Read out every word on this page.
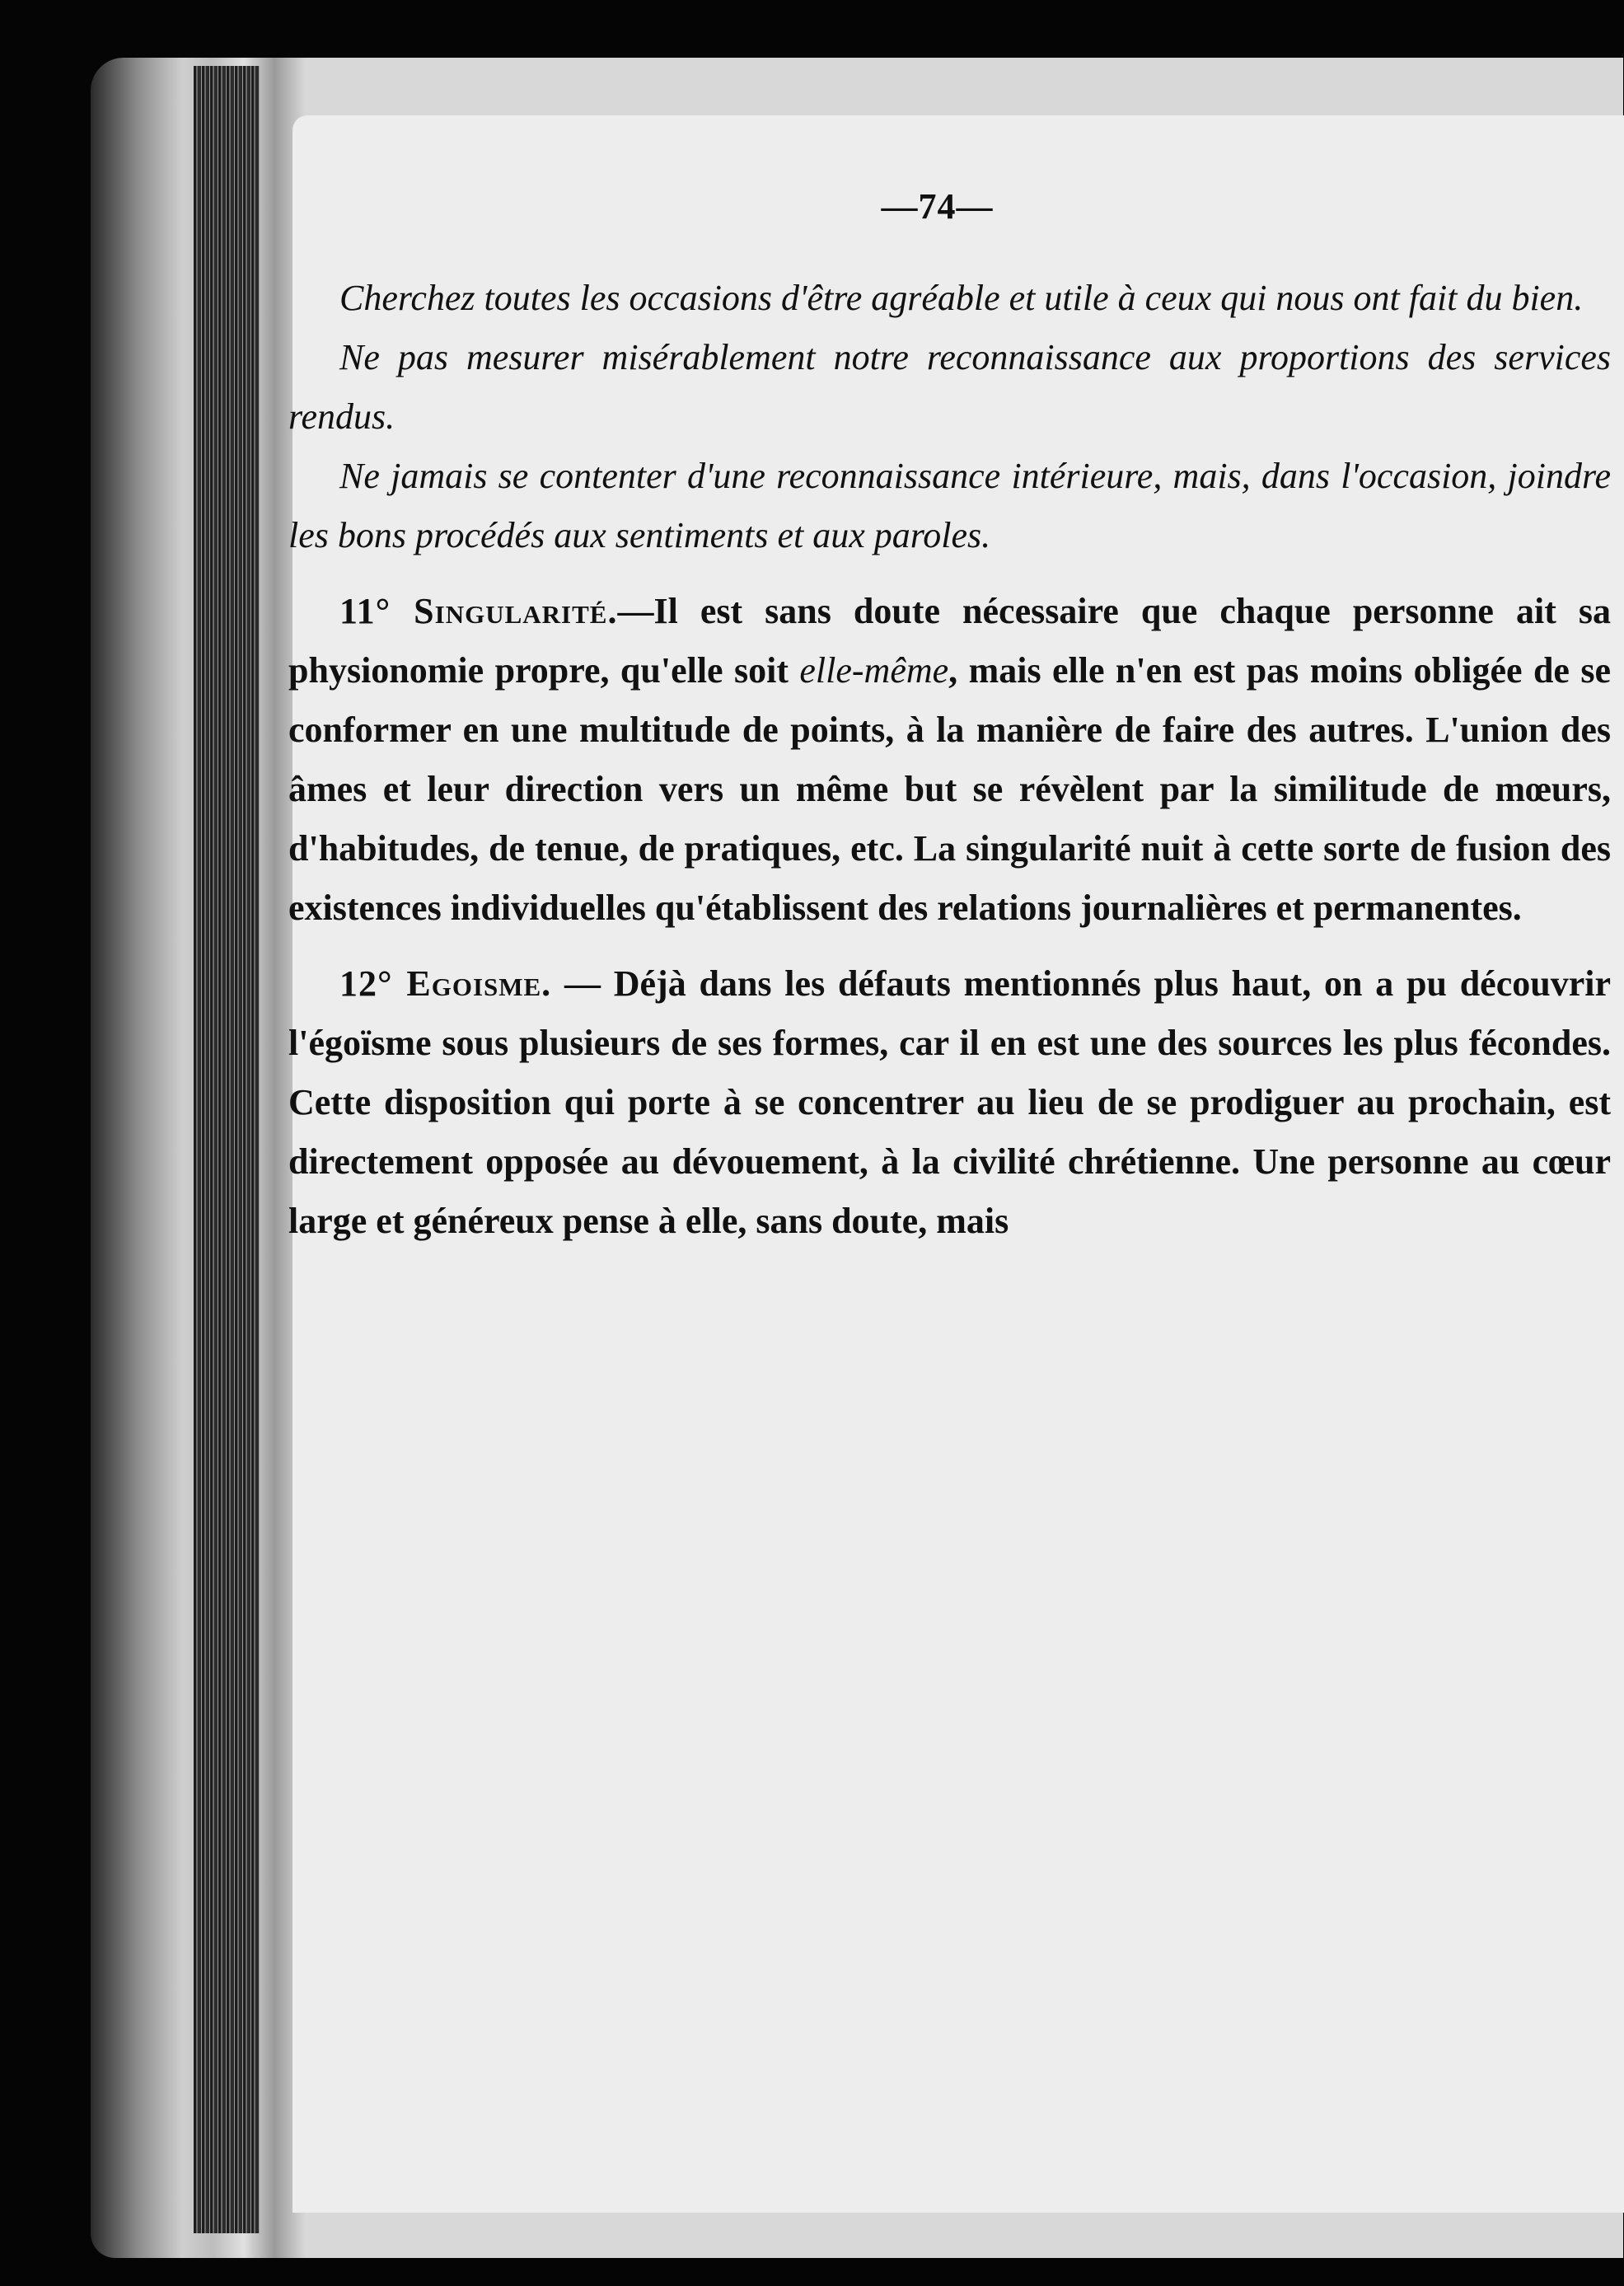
—74—

Cherchez toutes les occasions d'être agréable et utile à ceux qui nous ont fait du bien.

Ne pas mesurer misérablement notre reconnaissance aux proportions des services rendus.

Ne jamais se contenter d'une reconnaissance intérieure, mais, dans l'occasion, joindre les bons procédés aux sentiments et aux paroles.

11° Singularité.—Il est sans doute nécessaire que chaque personne ait sa physionomie propre, qu'elle soit elle-même, mais elle n'en est pas moins obligée de se conformer en une multitude de points, à la manière de faire des autres. L'union des âmes et leur direction vers un même but se révèlent par la similitude de mœurs, d'habitudes, de tenue, de pratiques, etc. La singularité nuit à cette sorte de fusion des existences individuelles qu'établissent des relations journalières et permanentes.

12° Egoisme. — Déjà dans les défauts mentionnés plus haut, on a pu découvrir l'égoïsme sous plusieurs de ses formes, car il en est une des sources les plus fécondes. Cette disposition qui porte à se concentrer au lieu de se prodiguer au prochain, est directement opposée au dévouement, à la civilité chrétienne. Une personne au cœur large et généreux pense à elle, sans doute, mais
